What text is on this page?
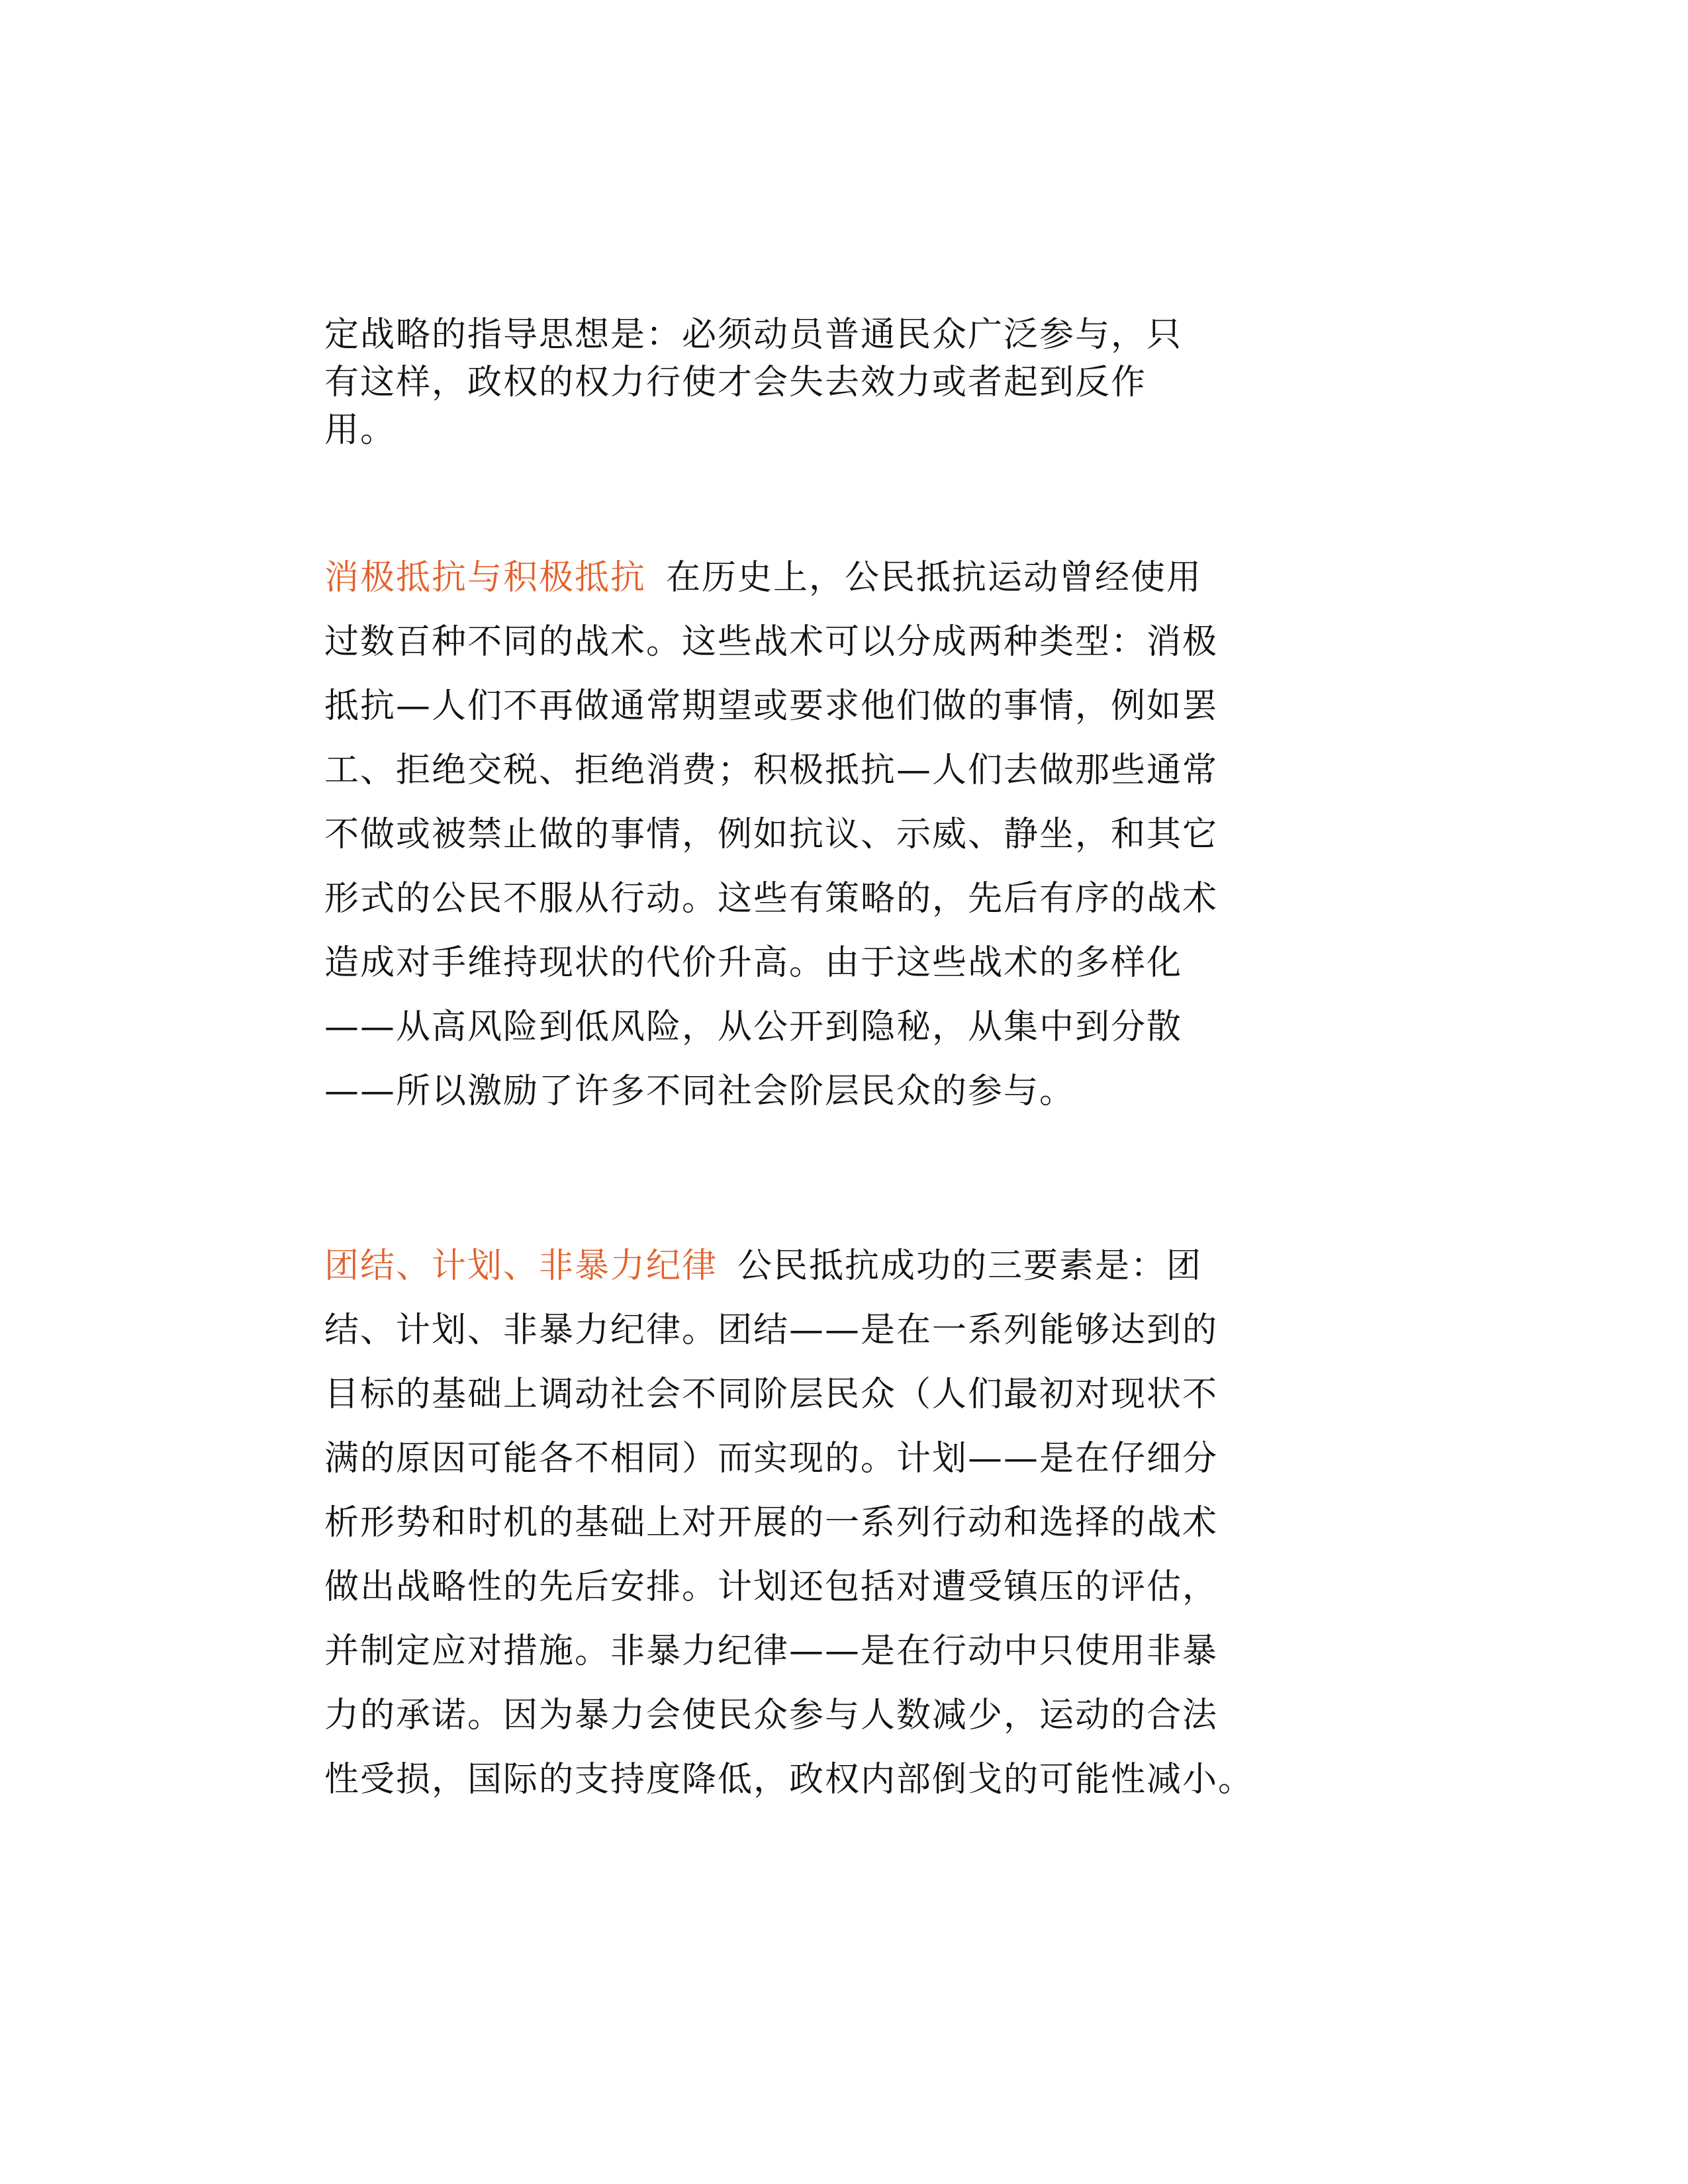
定战略的指导思想是：必须动员普通民众广泛参与，只
有这样，政权的权力行使才会失去效力或者起到反作
用。

消极抵抗与积极抵抗 在历史上，公民抵抗运动曾经使用
过数百种不同的战术。这些战术可以分成两种类型：消极
抵抗—人们不再做通常期望或要求他们做的事情，例如罢
工、拒绝交税、拒绝消费；积极抵抗—人们去做那些通常
不做或被禁止做的事情，例如抗议、示威、静坐，和其它
形式的公民不服从行动。这些有策略的，先后有序的战术
造成对手维持现状的代价升高。由于这些战术的多样化
——从高风险到低风险，从公开到隐秘，从集中到分散
——所以激励了许多不同社会阶层民众的参与。

团结、计划、非暴力纪律 公民抵抗成功的三要素是：团
结、计划、非暴力纪律。团结——是在一系列能够达到的
目标的基础上调动社会不同阶层民众（人们最初对现状不
满的原因可能各不相同）而实现的。计划——是在仔细分
析形势和时机的基础上对开展的一系列行动和选择的战术
做出战略性的先后安排。计划还包括对遭受镇压的评估，
并制定应对措施。非暴力纪律——是在行动中只使用非暴
力的承诺。因为暴力会使民众参与人数减少，运动的合法
性受损，国际的支持度降低，政权内部倒戈的可能性减小。
